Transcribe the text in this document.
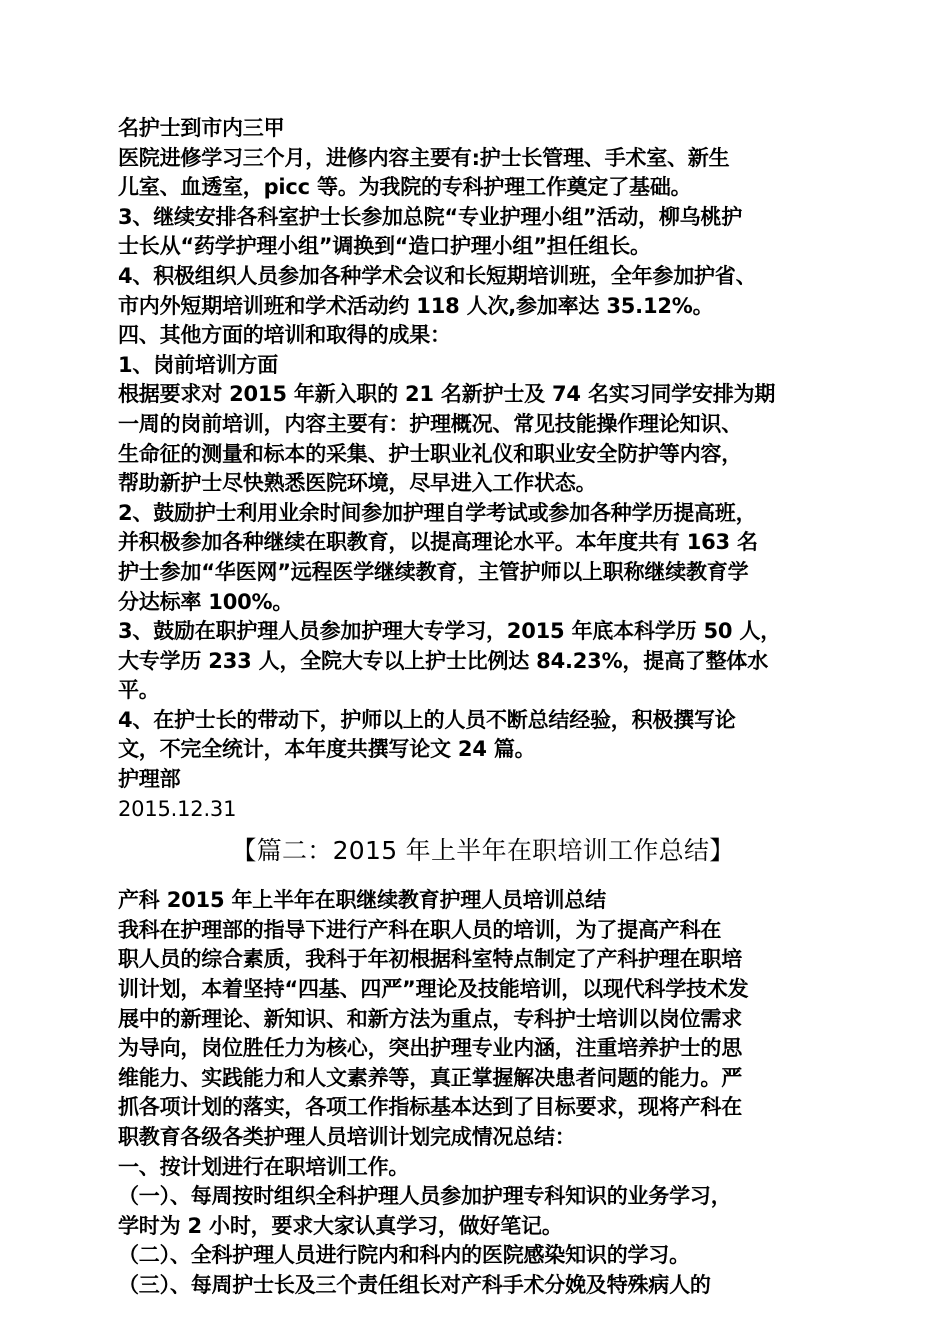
名护士到市内三甲
医院进修学习三个月，进修内容主要有:护士长管理、手术室、新生
儿室、血透室，picc 等。为我院的专科护理工作奠定了基础。
3、继续安排各科室护士长参加总院“专业护理小组”活动，柳乌桃护
士长从“药学护理小组”调换到“造口护理小组”担任组长。
4、积极组织人员参加各种学术会议和长短期培训班，全年参加护省、
市内外短期培训班和学术活动约 118 人次,参加率达 35.12%。
四、其他方面的培训和取得的成果：
1、岗前培训方面
根据要求对 2015 年新入职的 21 名新护士及 74 名实习同学安排为期
一周的岗前培训，内容主要有：护理概况、常见技能操作理论知识、
生命征的测量和标本的采集、护士职业礼仪和职业安全防护等内容，
帮助新护士尽快熟悉医院环境，尽早进入工作状态。
2、鼓励护士利用业余时间参加护理自学考试或参加各种学历提高班，
并积极参加各种继续在职教育，以提高理论水平。本年度共有 163 名
护士参加“华医网”远程医学继续教育，主管护师以上职称继续教育学
分达标率 100%。
3、鼓励在职护理人员参加护理大专学习，2015 年底本科学历 50 人，
大专学历 233 人，全院大专以上护士比例达 84.23%，提高了整体水
平。
4、在护士长的带动下，护师以上的人员不断总结经验，积极撰写论
文，不完全统计，本年度共撰写论文 24 篇。
护理部
2015.12.31
【篇二：2015 年上半年在职培训工作总结】
产科 2015 年上半年在职继续教育护理人员培训总结
我科在护理部的指导下进行产科在职人员的培训，为了提高产科在
职人员的综合素质，我科于年初根据科室特点制定了产科护理在职培
训计划，本着坚持“四基、四严”理论及技能培训，以现代科学技术发
展中的新理论、新知识、和新方法为重点，专科护士培训以岗位需求
为导向，岗位胜任力为核心，突出护理专业内涵，注重培养护士的思
维能力、实践能力和人文素养等，真正掌握解决患者问题的能力。严
抓各项计划的落实，各项工作指标基本达到了目标要求，现将产科在
职教育各级各类护理人员培训计划完成情况总结：
一、按计划进行在职培训工作。
（一）、每周按时组织全科护理人员参加护理专科知识的业务学习，
学时为 2 小时，要求大家认真学习，做好笔记。
（二）、全科护理人员进行院内和科内的医院感染知识的学习。
（三）、每周护士长及三个责任组长对产科手术分娩及特殊病人的
